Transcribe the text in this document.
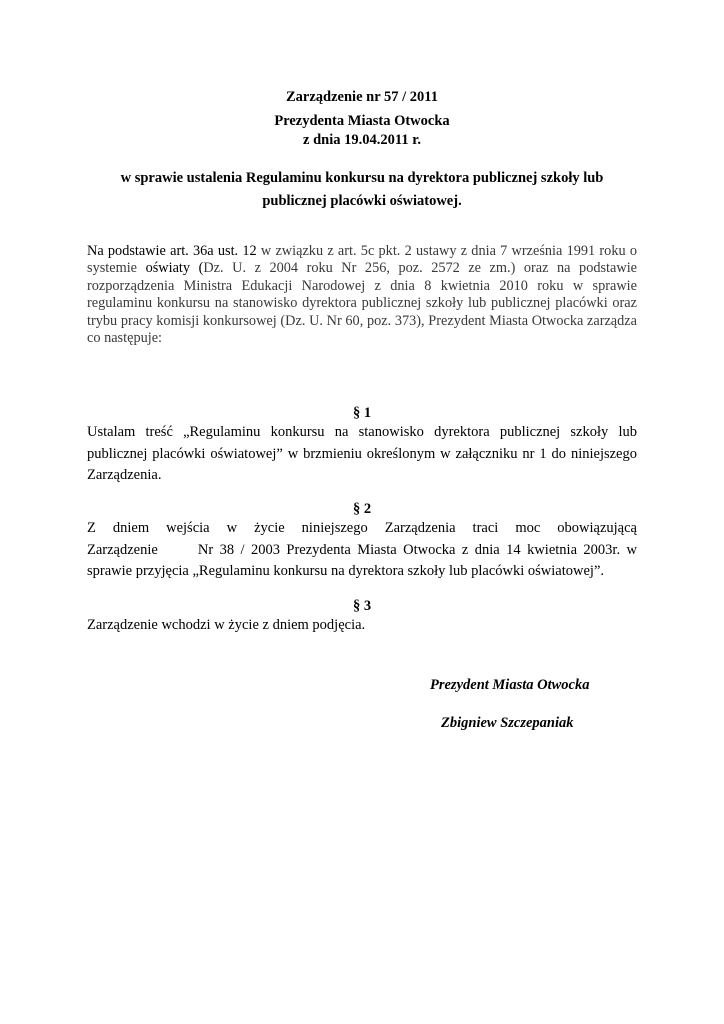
Zarządzenie nr 57 / 2011
Prezydenta Miasta Otwocka
z dnia 19.04.2011 r.
w sprawie ustalenia Regulaminu konkursu na dyrektora publicznej szkoły lub
publicznej placówki oświatowej.
Na podstawie art. 36a ust. 12 w związku z art. 5c pkt. 2 ustawy z dnia 7 września 1991 roku o systemie oświaty (Dz. U. z 2004 roku Nr 256, poz. 2572 ze zm.) oraz na podstawie rozporządzenia Ministra Edukacji Narodowej z dnia 8 kwietnia 2010 roku w sprawie regulaminu konkursu na stanowisko dyrektora publicznej szkoły lub publicznej placówki oraz trybu pracy komisji konkursowej (Dz. U. Nr 60, poz. 373), Prezydent Miasta Otwocka zarządza co następuje:
§ 1
Ustalam treść „Regulaminu konkursu na stanowisko dyrektora publicznej szkoły lub
publicznej placówki oświatowej” w brzmieniu określonym w załączniku nr 1 do niniejszego
Zarządzenia.
§ 2
Z dniem wejścia w życie niniejszego Zarządzenia traci moc obowiązującą
Zarządzenie	Nr 38 / 2003 Prezydenta Miasta Otwocka z dnia 14 kwietnia 2003r. w
sprawie przyjęcia „Regulaminu konkursu na dyrektora szkoły lub placówki oświatowej”.
§ 3
Zarządzenie wchodzi w życie z dniem podjęcia.
Prezydent Miasta Otwocka
Zbigniew Szczepaniak
